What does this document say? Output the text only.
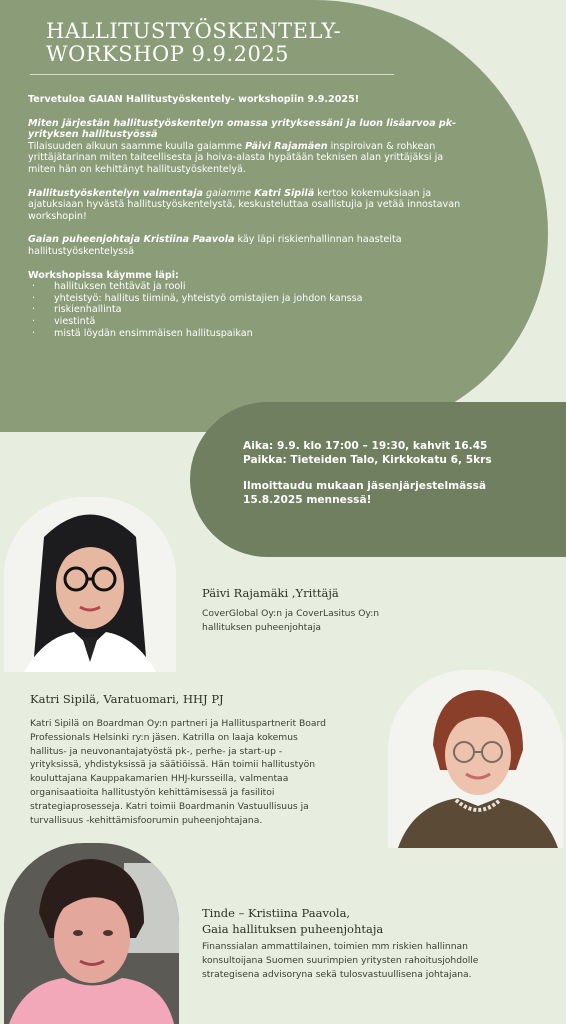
HALLITUSTYÖSKENTELY-
WORKSHOP 9.9.2025

Tervetuloa GAIAN Hallitustyöskentely- workshopiin 9.9.2025!

Miten järjestän hallitustyöskentelyn omassa yrityksessäni ja luon lisäarvoa pk-yrityksen hallitustyössä

Tilaisuuden alkuun saamme kuulla gaiamme Päivi Rajamäen inspiroivan & rohkean yrittäjätarinan miten taiteellisesta ja hoiva-alasta hypätään teknisen alan yrittäjäksi ja miten hän on kehittänyt hallitustyöskentelyä.

Hallitustyöskentelyn valmentaja gaiamme Katri Sipilä kertoo kokemuksiaan ja ajatuksiaan hyvästä hallitustyöskentelystä, keskusteluttaa osallistujia ja vetää innostavan workshopin!

Gaian puheenjohtaja Kristiina Paavola käy läpi riskienhallinnan haasteita hallitustyöskentelyssä

Workshopissa käymme läpi:

· hallituksen tehtävät ja rooli
· yhteistyö: hallitus tiiminä, yhteistyö omistajien ja johdon kanssa
· riskienhallinta
· viestintä
· mistä löydän ensimmäisen hallituspaikan
Aika: 9.9. klo 17:00 – 19:30, kahvit 16.45
Paikka: Tieteiden Talo, Kirkkokatu 6, 5krs
Ilmoittaudu mukaan jäsenjärjestelmässä
15.8.2025 mennessä!
Päivi Rajamäki ,Yrittäjä
CoverGlobal Oy:n ja CoverLasitus Oy:n
hallituksen puheenjohtaja
Katri Sipilä, Varatuomari, HHJ PJ
Katri Sipilä on Boardman Oy:n partneri ja Hallituspartnerit Board
Professionals Helsinki ry:n jäsen. Katrilla on laaja kokemus
hallitus- ja neuvonantajatyöstä pk-, perhe- ja start-up -
yrityksissä, yhdistyksissä ja säätiöissä. Hän toimii hallitustyön
kouluttajana Kauppakamarien HHJ-kursseilla, valmentaa
organisaatioita hallitustyön kehittämisessä ja fasilitoi
strategiaprosesseja. Katri toimii Boardmanin Vastuullisuus ja
turvallisuus -kehittämisfoorumin puheenjohtajana.
Tinde – Kristiina Paavola,
Gaia hallituksen puheenjohtaja
Finanssialan ammattilainen, toimien mm riskien hallinnan
konsultoijana Suomen suurimpien yritysten rahoitusjohdolle
strategisena advisoryna sekä tulosvastuullisena johtajana.
